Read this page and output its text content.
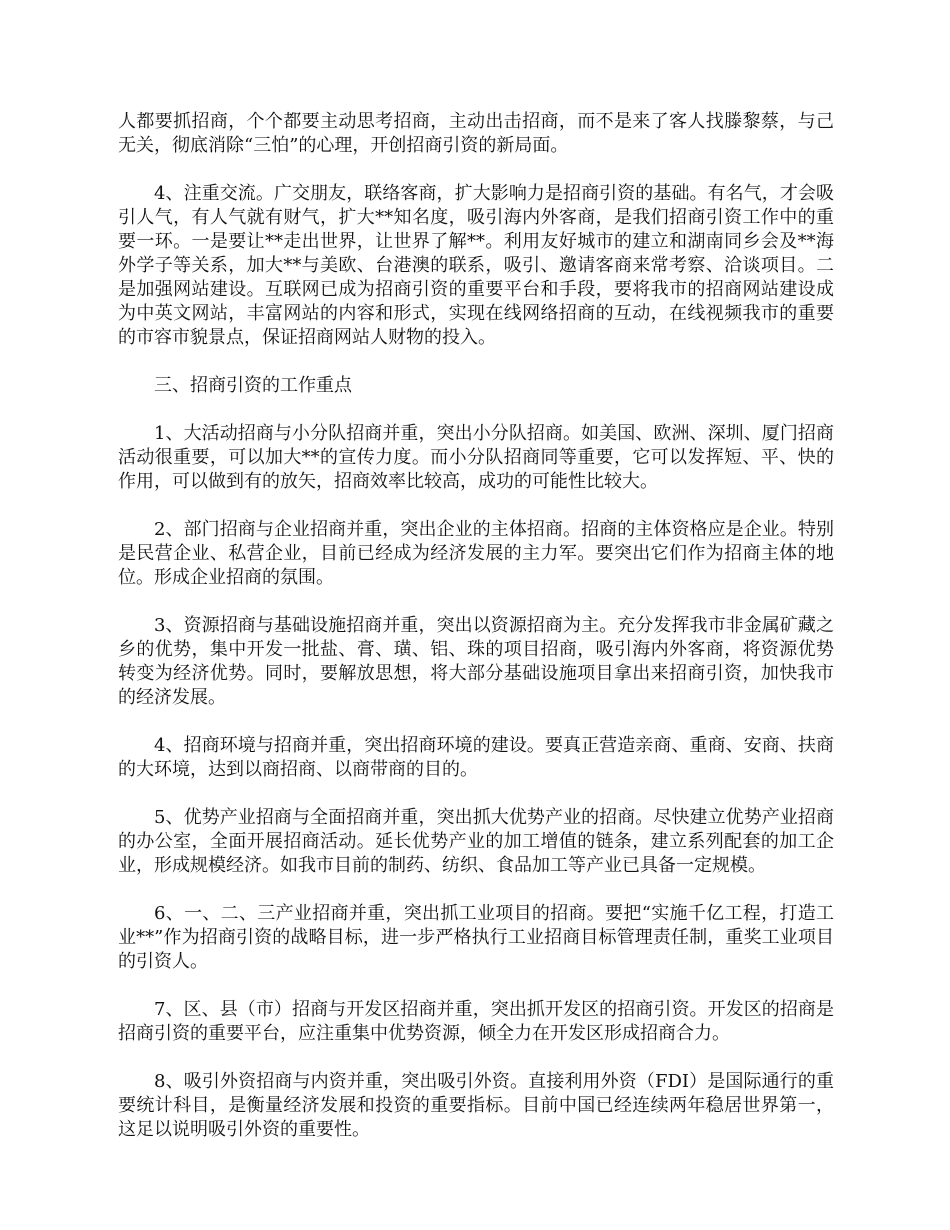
人都要抓招商，个个都要主动思考招商，主动出击招商，而不是来了客人找滕黎蔡，与己无关，彻底消除“三怕”的心理，开创招商引资的新局面。

4、注重交流。广交朋友，联络客商，扩大影响力是招商引资的基础。有名气，才会吸引人气，有人气就有财气，扩大**知名度，吸引海内外客商，是我们招商引资工作中的重要一环。一是要让**走出世界，让世界了解**。利用友好城市的建立和湖南同乡会及**海外学子等关系，加大**与美欧、台港澳的联系，吸引、邀请客商来常考察、洽谈项目。二是加强网站建设。互联网已成为招商引资的重要平台和手段，要将我市的招商网站建设成为中英文网站，丰富网站的内容和形式，实现在线网络招商的互动，在线视频我市的重要的市容市貌景点，保证招商网站人财物的投入。

三、招商引资的工作重点

1、大活动招商与小分队招商并重，突出小分队招商。如美国、欧洲、深圳、厦门招商活动很重要，可以加大**的宣传力度。而小分队招商同等重要，它可以发挥短、平、快的作用，可以做到有的放矢，招商效率比较高，成功的可能性比较大。

2、部门招商与企业招商并重，突出企业的主体招商。招商的主体资格应是企业。特别是民营企业、私营企业，目前已经成为经济发展的主力军。要突出它们作为招商主体的地位。形成企业招商的氛围。

3、资源招商与基础设施招商并重，突出以资源招商为主。充分发挥我市非金属矿藏之乡的优势，集中开发一批盐、膏、璜、铝、珠的项目招商，吸引海内外客商，将资源优势转变为经济优势。同时，要解放思想，将大部分基础设施项目拿出来招商引资，加快我市的经济发展。

4、招商环境与招商并重，突出招商环境的建设。要真正营造亲商、重商、安商、扶商的大环境，达到以商招商、以商带商的目的。

5、优势产业招商与全面招商并重，突出抓大优势产业的招商。尽快建立优势产业招商的办公室，全面开展招商活动。延长优势产业的加工增值的链条，建立系列配套的加工企业，形成规模经济。如我市目前的制药、纺织、食品加工等产业已具备一定规模。

6、一、二、三产业招商并重，突出抓工业项目的招商。要把“实施千亿工程，打造工业**”作为招商引资的战略目标，进一步严格执行工业招商目标管理责任制，重奖工业项目的引资人。

7、区、县（市）招商与开发区招商并重，突出抓开发区的招商引资。开发区的招商是招商引资的重要平台，应注重集中优势资源，倾全力在开发区形成招商合力。

8、吸引外资招商与内资并重，突出吸引外资。直接利用外资（FDI）是国际通行的重要统计科目，是衡量经济发展和投资的重要指标。目前中国已经连续两年稳居世界第一，这足以说明吸引外资的重要性。
